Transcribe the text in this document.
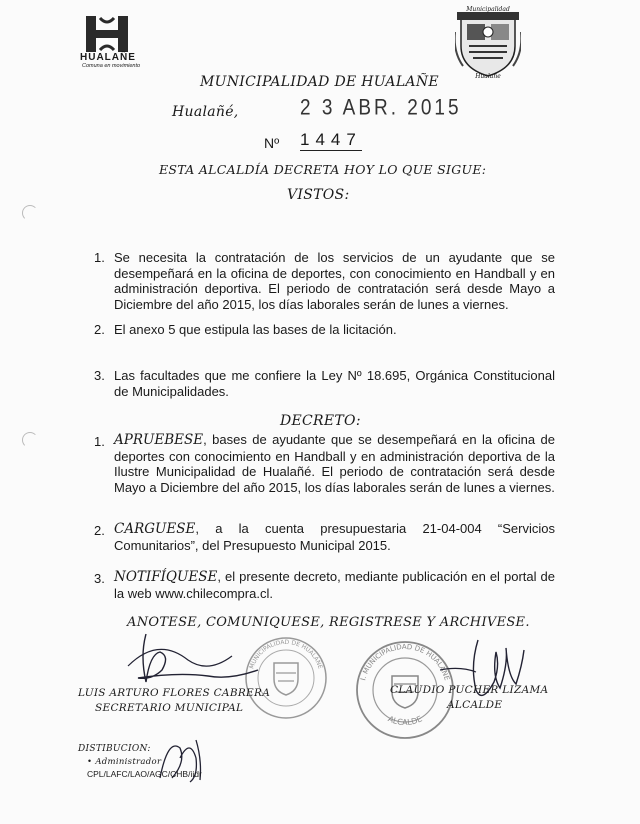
HUALAÑE
Comuna en movimiento
Municipalidad
Hualañe
MUNICIPALIDAD DE HUALAÑE
Hualañé,	2 3 ABR. 2015
Nº 1447
ESTA ALCALDÍA DECRETA HOY LO QUE SIGUE:
VISTOS:
1. Se necesita la contratación de los servicios de un ayudante que se desempeñará en la oficina de deportes, con conocimiento en Handball y en administración deportiva. El periodo de contratación será desde Mayo a Diciembre del año 2015, los días laborales serán de lunes a viernes.
2. El anexo 5 que estipula las bases de la licitación.
3. Las facultades que me confiere la Ley Nº 18.695, Orgánica Constitucional de Municipalidades.
DECRETO:
1. APRUEBESE, bases de ayudante que se desempeñará en la oficina de deportes con conocimiento en Handball y en administración deportiva de la Ilustre Municipalidad de Hualañé. El periodo de contratación será desde Mayo a Diciembre del año 2015, los días laborales serán de lunes a viernes.
2. CARGUESE, a la cuenta presupuestaria 21-04-004 “Servicios Comunitarios”, del Presupuesto Municipal 2015.
3. NOTIFÍQUESE, el presente decreto, mediante publicación en el portal de la web www.chilecompra.cl.
ANOTESE, COMUNIQUESE, REGISTRESE Y ARCHIVESE.
MUNICIPALIDAD DE HUALAÑE
I. MUNICIPALIDAD DE HUALAÑE
ALCALDE
LUIS ARTURO FLORES CABRERA
SECRETARIO MUNICIPAL
CLAUDIO PUCHER LIZAMA
ALCALDE
DISTIBUCION:
• Administrador
CPL/LAFC/LAO/AGC/CHB/iidr
